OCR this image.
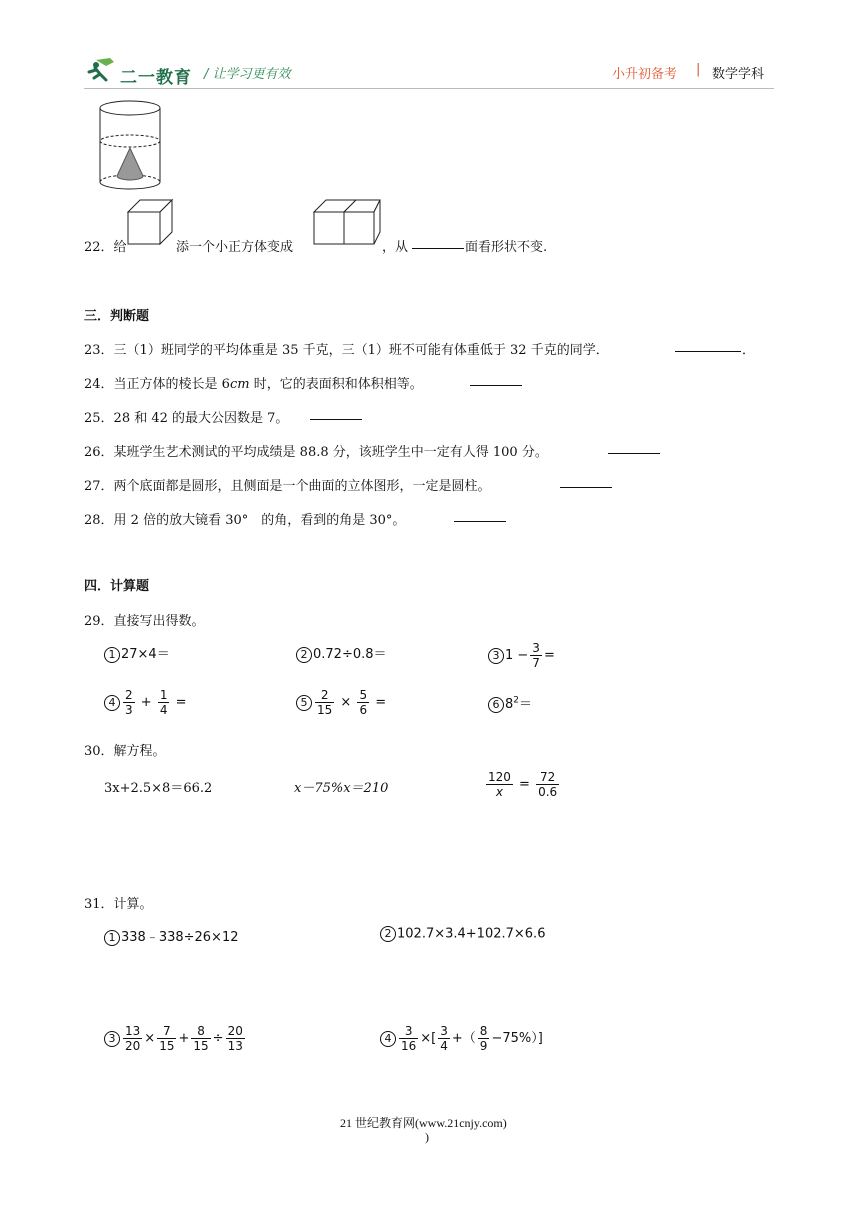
二一教育 / 让学习更有效	小升初备考 | 数学学科
22．给	添一个小正方体变成	，从	面看形状不变.
三．判断题
23．三（1）班同学的平均体重是 35 千克，三（1）班不可能有体重低于 32 千克的同学．	．
24．当正方体的棱长是 6cm 时，它的表面积和体积相等。
25．28 和 42 的最大公因数是 7。
26．某班学生艺术测试的平均成绩是 88.8 分，该班学生中一定有人得 100 分。
27．两个底面都是圆形，且侧面是一个曲面的立体图形，一定是圆柱。
28．用 2 倍的放大镜看 30°　的角，看到的角是 30°。
四．计算题
29．直接写出得数。
1 27×4＝	2 0.72÷0.8＝	3 $1 - \frac{3}{7}$ =
$4 \frac{2}{3} + \frac{1}{4}$ =	$5 \frac{2}{15} \times \frac{5}{6}$ =	6 $8^2=$
30．解方程。
3x+2.5×8＝66.2	x－75%x＝210	$\frac{120}{x} = \frac{72}{0.6}$
31．计算。
1 338﹣338÷26×12	2 102.7×3.4+102.7×6.6
$3 \frac{13}{20} \times \frac{7}{15} + \frac{8}{15} \div \frac{20}{13}$	$4 \frac{3}{16}$ ×[ $\frac{3}{4}$ +（ $\frac{8}{9} -75\%$）]
21 世纪教育网(www.21cnjy.com)
)
